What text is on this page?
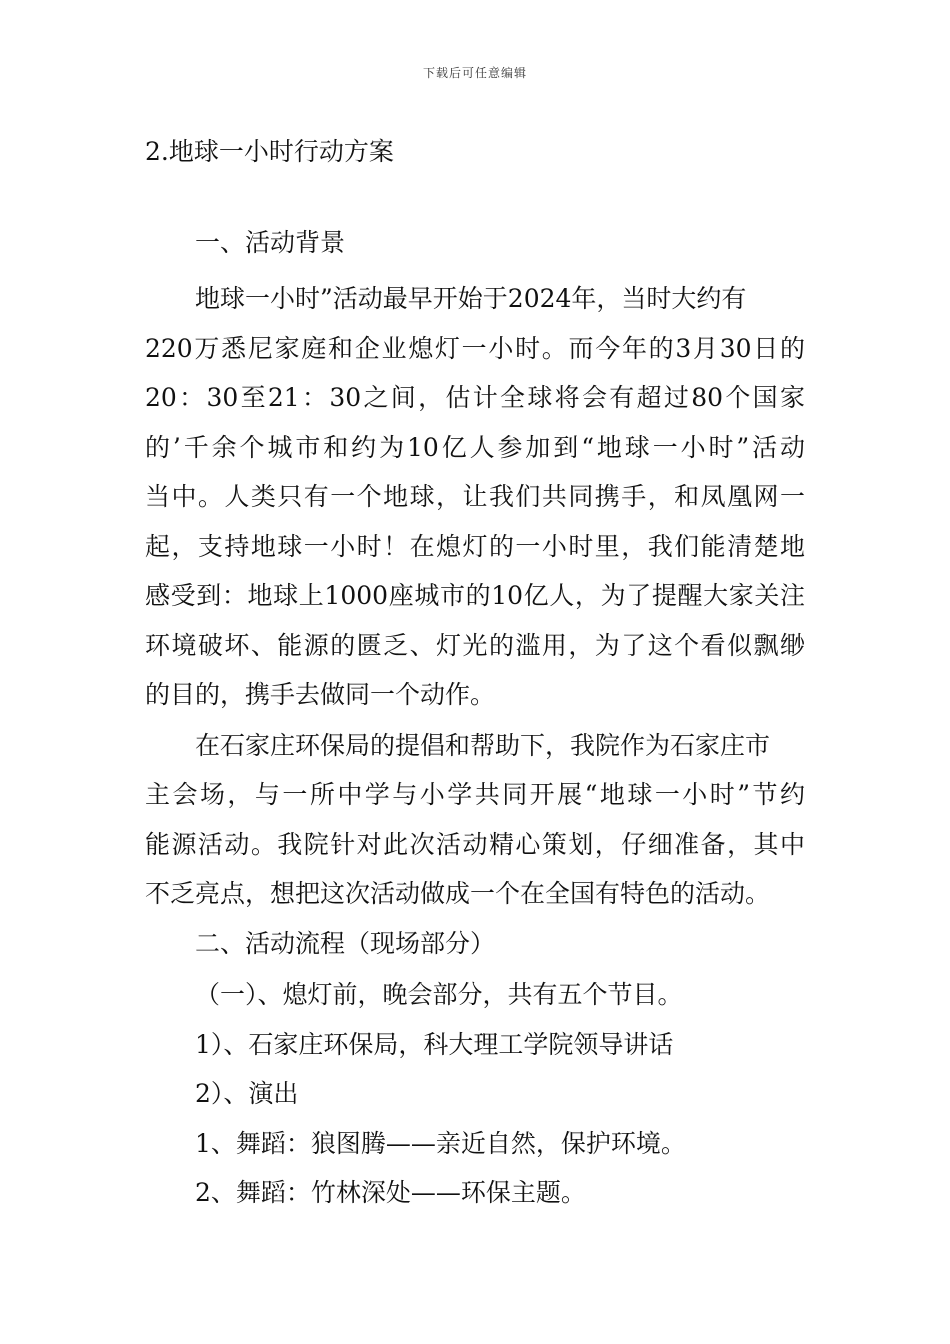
下载后可任意编辑
2.地球一小时行动方案
一、活动背景
地球一小时”活动最早开始于2024年，当时大约有
220万悉尼家庭和企业熄灯一小时。而今年的3月30日的
20：30至21：30之间，估计全球将会有超过80个国家
的’千余个城市和约为10亿人参加到“地球一小时”活动
当中。人类只有一个地球，让我们共同携手，和凤凰网一
起，支持地球一小时！在熄灯的一小时里，我们能清楚地
感受到：地球上1000座城市的10亿人，为了提醒大家关注
环境破坏、能源的匮乏、灯光的滥用，为了这个看似飘缈
的目的，携手去做同一个动作。
在石家庄环保局的提倡和帮助下，我院作为石家庄市
主会场，与一所中学与小学共同开展“地球一小时”节约
能源活动。我院针对此次活动精心策划，仔细准备，其中
不乏亮点，想把这次活动做成一个在全国有特色的活动。
二、活动流程（现场部分）
（一）、熄灯前，晚会部分，共有五个节目。
1）、石家庄环保局，科大理工学院领导讲话
2）、演出
1、舞蹈：狼图腾——亲近自然，保护环境。
2、舞蹈：竹林深处——环保主题。
